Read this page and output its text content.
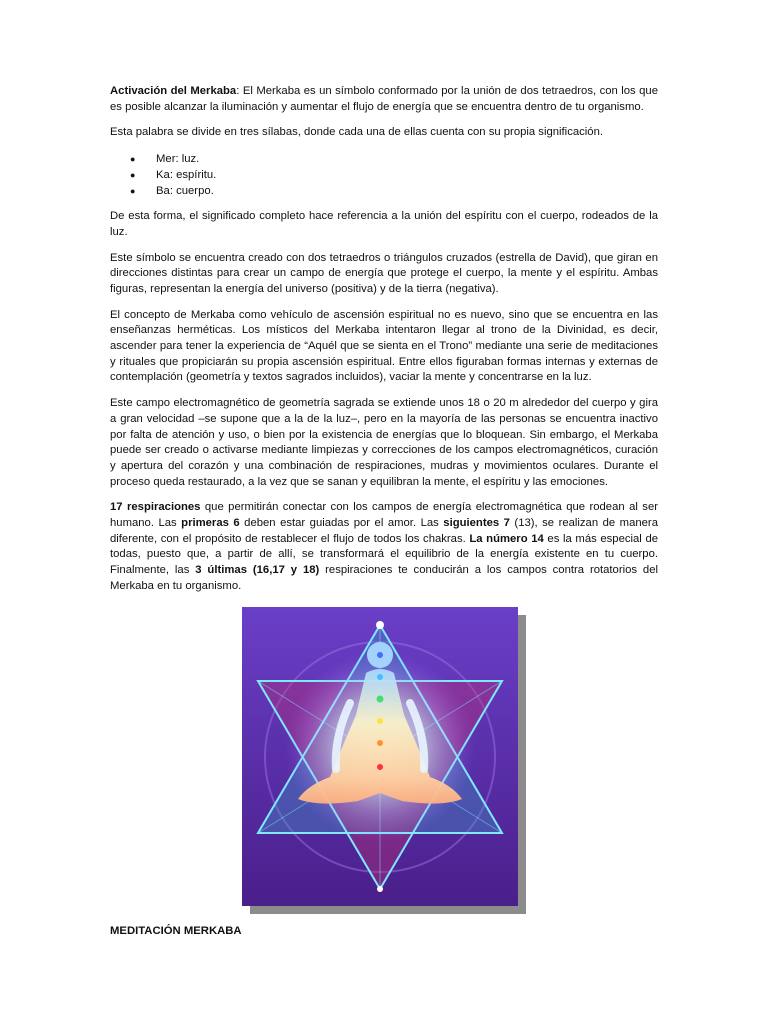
Activación del Merkaba: El Merkaba es un símbolo conformado por la unión de dos tetraedros, con los que es posible alcanzar la iluminación y aumentar el flujo de energía que se encuentra dentro de tu organismo.

Esta palabra se divide en tres sílabas, donde cada una de ellas cuenta con su propia significación.

● Mer: luz.
● Ka: espíritu.
● Ba: cuerpo.

De esta forma, el significado completo hace referencia a la unión del espíritu con el cuerpo, rodeados de la luz.

Este símbolo se encuentra creado con dos tetraedros o triángulos cruzados (estrella de David), que giran en direcciones distintas para crear un campo de energía que protege el cuerpo, la mente y el espíritu. Ambas figuras, representan la energía del universo (positiva) y de la tierra (negativa).

El concepto de Merkaba como vehículo de ascensión espiritual no es nuevo, sino que se encuentra en las enseñanzas herméticas. Los místicos del Merkaba intentaron llegar al trono de la Divinidad, es decir, ascender para tener la experiencia de “Aquél que se sienta en el Trono” mediante una serie de meditaciones y rituales que propiciarán su propia ascensión espiritual. Entre ellos figuraban formas internas y externas de contemplación (geometría y textos sagrados incluidos), vaciar la mente y concentrarse en la luz.

Este campo electromagnético de geometría sagrada se extiende unos 18 o 20 m alrededor del cuerpo y gira a gran velocidad –se supone que a la de la luz–, pero en la mayoría de las personas se encuentra inactivo por falta de atención y uso, o bien por la existencia de energías que lo bloquean. Sin embargo, el Merkaba puede ser creado o activarse mediante limpiezas y correcciones de los campos electromagnéticos, curación y apertura del corazón y una combinación de respiraciones, mudras y movimientos oculares. Durante el proceso queda restaurado, a la vez que se sanan y equilibran la mente, el espíritu y las emociones.

17 respiraciones que permitirán conectar con los campos de energía electromagnética que rodean al ser humano. Las primeras 6 deben estar guiadas por el amor. Las siguientes 7 (13), se realizan de manera diferente, con el propósito de restablecer el flujo de todos los chakras. La número 14 es la más especial de todas, puesto que, a partir de allí, se transformará el equilibrio de la energía existente en tu cuerpo. Finalmente, las 3 últimas (16,17 y 18) respiraciones te conducirán a los campos contra rotatorios del Merkaba en tu organismo.

MEDITACIÓN MERKABA
